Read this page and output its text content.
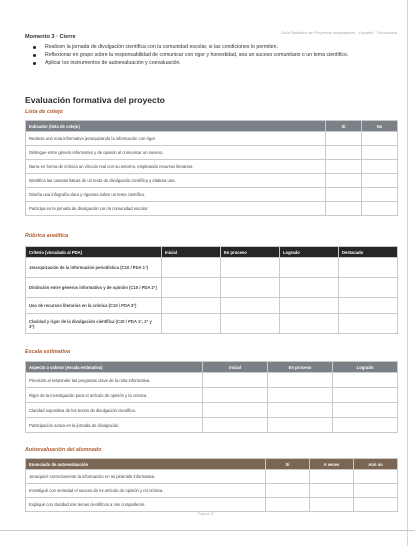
Guía Didáctica de Proyectos Integradores · Español · Secundaria
Momento 3 · Cierre
Realicen la jornada de divulgación científica con la comunidad escolar, si las condiciones lo permiten.
Reflexionar en grupo sobre la responsabilidad de comunicar con rigor y honestidad, sea un suceso comunitario o un tema científico.
Aplicar los instrumentos de autoevaluación y coevaluación.
Evaluación formativa del proyecto
Lista de cotejo
Indicador (lista de cotejo)	Sí	No
Redacta una nota informativa jerarquizando la información con rigor.		
Distingue entre género informativo y de opinión al comunicar un suceso.		
Narra en forma de crónica un vínculo real con su entorno, empleando recursos literarios.		
Identifica las características de un texto de divulgación científica y elabora uno.		
Diseña una infografía clara y rigurosa sobre un tema científico.		
Participa en la jornada de divulgación con la comunidad escolar.		
Rúbrica analítica
Criterio (vinculado al PDA)	Inicial	En proceso	Logrado	Destacado
Jerarquización de la información periodística (C10 / PDA 1°)				
Distinción entre géneros informativo y de opinión (C10 / PDA 2°)				
Uso de recursos literarios en la crónica (C10 / PDA 3°)				
Claridad y rigor de la divulgación científica (C10 / PDA 1°, 2° y 3°)				
Escala estimativa
Aspecto a valorar (escala estimativa)	Inicial	En proceso	Logrado
Precisión al responder las preguntas clave de la nota informativa.			
Rigor de la investigación para el artículo de opinión y la crónica.			
Claridad expositiva de los textos de divulgación científica.			
Participación activa en la jornada de divulgación.			
Autoevaluación del alumnado
Enunciado de autoevaluación	Sí	A veces	Aún no
Jerarquicé correctamente la información en mi pirámide informativa.			
Investigué con seriedad el suceso de mi artículo de opinión y mi crónica.			
Expliqué con claridad mis temas científicos a mis compañeros.			
Página 10
